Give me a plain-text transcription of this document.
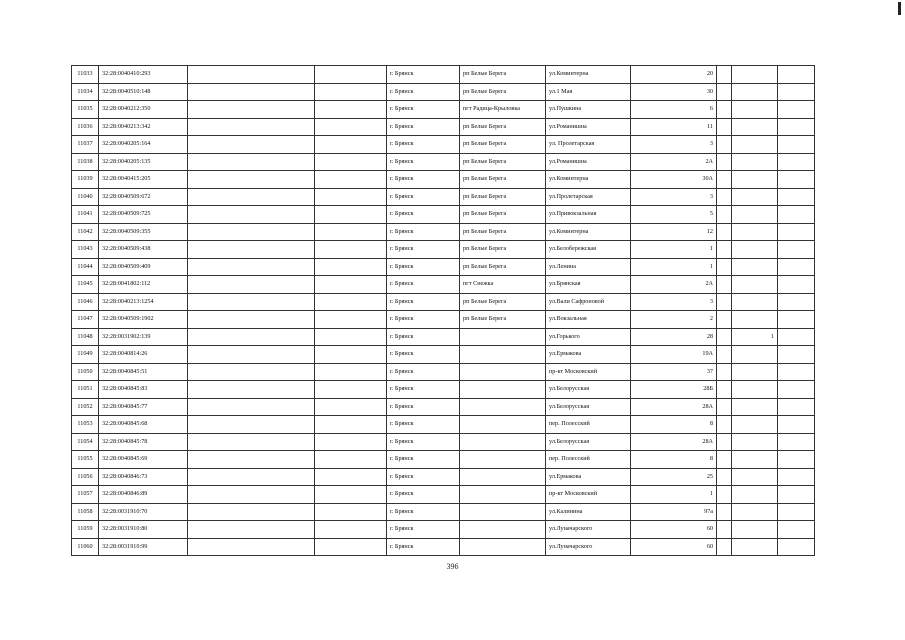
11033	32:28:0040410:293			г. Брянск	рп Белые Берега	ул.Коминтерна	20			
11034	32:28:0040510:148			г. Брянск	рп Белые Берега	ул.1 Мая	30			
11035	32:28:0040212:350			г. Брянск	пгт Радица-Крыловка	ул.Пушкина	6			
11036	32:28:0040213:342			г. Брянск	рп Белые Берега	ул.Романишна	11			
11037	32:28:0040205:164			г. Брянск	рп Белые Берега	ул. Пролетарская	3			
11038	32:28:0040205:135			г. Брянск	рп Белые Берега	ул.Романишна	2А			
11039	32:28:0040415:205			г. Брянск	рп Белые Берега	ул.Коминтерна	30А			
11040	32:28:0040509:672			г. Брянск	рп Белые Берега	ул.Пролетарская	3			
11041	32:28:0040509:725			г. Брянск	рп Белые Берега	ул.Привокзальная	5			
11042	32:28:0040509:355			г. Брянск	рп Белые Берега	ул.Коминтерна	12			
11043	32:28:0040509:438			г. Брянск	рп Белые Берега	ул.Белобережская	1			
11044	32:28:0040509:409			г. Брянск	рп Белые Берега	ул.Ленина	1			
11045	32:28:0041802:112			г. Брянск	пгт Снежка	ул.Брянская	2А			
11046	32:28:0040213:1254			г. Брянск	рп Белые Берега	ул.Вали Сафроновой	3			
11047	32:28:0040509:1902			г. Брянск	рп Белые Берега	ул.Вокзальная	2			
11048	32:28:0031902:139			г. Брянск		ул.Горького	28		1	
11049	32:28:0040814:26			г. Брянск		ул.Ермакова	19А			
11050	32:28:0040845:51			г. Брянск		пр-кт Московский	37			
11051	32:28:0040845:83			г. Брянск		ул.Белорусская	28Б			
11052	32:28:0040845:77			г. Брянск		ул.Белорусская	28А			
11053	32:28:0040845:68			г. Брянск		пер. Полесский	8			
11054	32:28:0040845:78			г. Брянск		ул.Белорусская	28А			
11055	32:28:0040845:69			г. Брянск		пер. Полесский	8			
11056	32:28:0040846:73			г. Брянск		ул.Ермакова	25			
11057	32:28:0040846:89			г. Брянск		пр-кт Московский	1			
11058	32:28:0031910:70			г. Брянск		ул.Калинина	97а			
11059	32:28:0031910:80			г. Брянск		ул.Луначарского	60			
11060	32:28:0031910:99			г. Брянск		ул.Луначарского	60			
396
